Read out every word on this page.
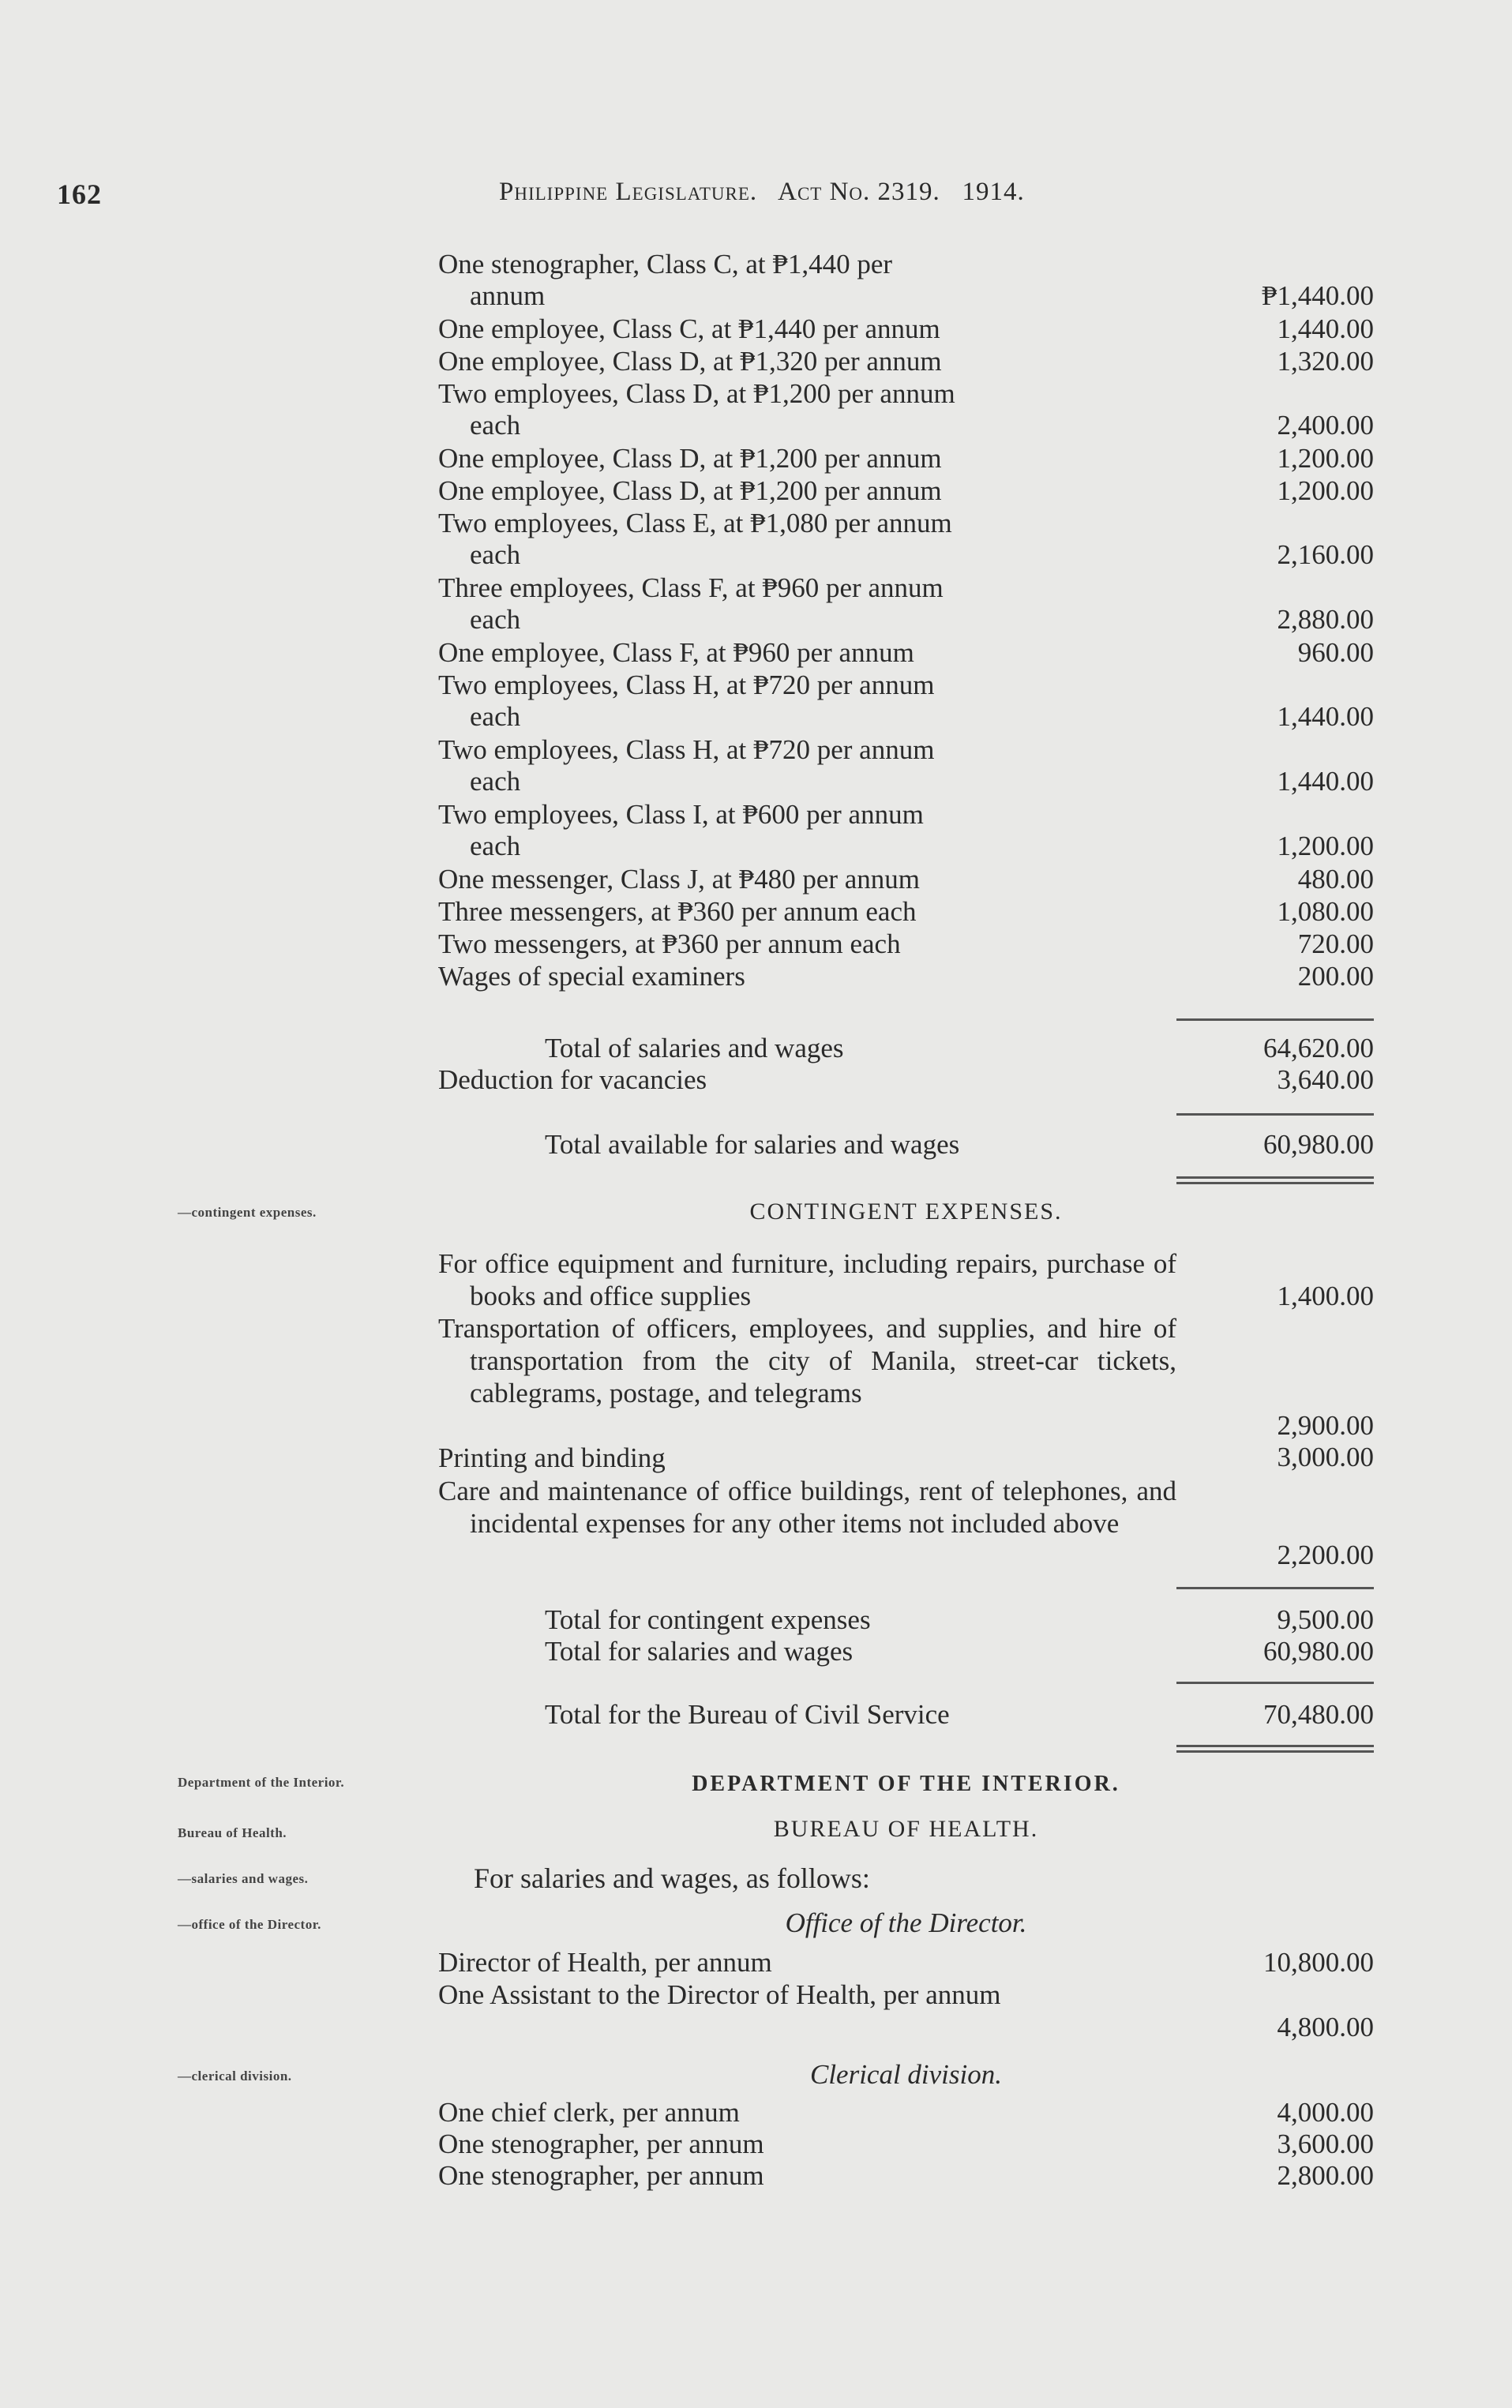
162	Philippine Legislature. Act No. 2319. 1914.
One stenographer, Class C, at ₱1,440 per
annum	₱1,440.00
One employee, Class C, at ₱1,440 per annum	1,440.00
One employee, Class D, at ₱1,320 per annum	1,320.00
Two employees, Class D, at ₱1,200 per annum
each	2,400.00
One employee, Class D, at ₱1,200 per annum	1,200.00
One employee, Class D, at ₱1,200 per annum	1,200.00
Two employees, Class E, at ₱1,080 per annum
each	2,160.00
Three employees, Class F, at ₱960 per annum
each	2,880.00
One employee, Class F, at ₱960 per annum	960.00
Two employees, Class H, at ₱720 per annum
each	1,440.00
Two employees, Class H, at ₱720 per annum
each	1,440.00
Two employees, Class I, at ₱600 per annum
each	1,200.00
One messenger, Class J, at ₱480 per annum	480.00
Three messengers, at ₱360 per annum each	1,080.00
Two messengers, at ₱360 per annum each	720.00
Wages of special examiners	200.00
Total of salaries and wages	64,620.00
Deduction for vacancies	3,640.00
Total available for salaries and wages	60,980.00
—contingent expenses.	CONTINGENT EXPENSES.
For office equipment and furniture, including repairs, purchase of books and office supplies	1,400.00
Transportation of officers, employees, and supplies, and hire of transportation from the city of Manila, street-car tickets, cablegrams, postage, and telegrams
2,900.00
Printing and binding	3,000.00
Care and maintenance of office buildings, rent of telephones, and incidental expenses for any other items not included above
2,200.00
Total for contingent expenses	9,500.00
Total for salaries and wages	60,980.00
Total for the Bureau of Civil Service	70,480.00
Department of the Interior.	DEPARTMENT OF THE INTERIOR.
Bureau of Health.	BUREAU OF HEALTH.
—salaries and wages.	For salaries and wages, as follows:
—office of the Director.	Office of the Director.
Director of Health, per annum	10,800.00
One Assistant to the Director of Health, per annum
4,800.00
—clerical division.	Clerical division.
One chief clerk, per annum	4,000.00
One stenographer, per annum	3,600.00
One stenographer, per annum	2,800.00
